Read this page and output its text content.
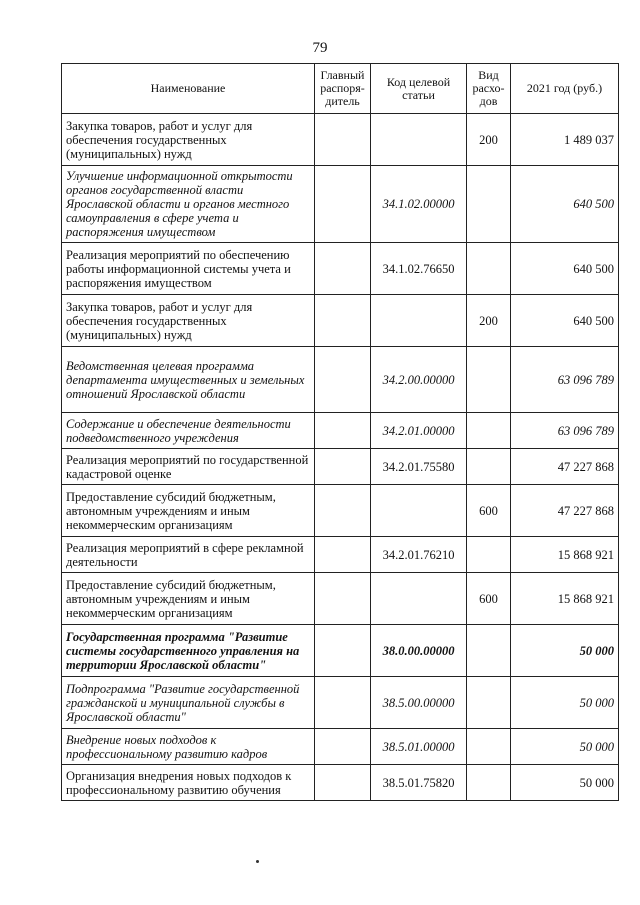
79
Наименование	Главный распоря-дитель	Код целевой статьи	Вид расхо-дов	2021 год (руб.)
Закупка товаров, работ и услуг для обеспечения государственных (муниципальных) нужд			200	1 489 037
Улучшение информационной открытости органов государственной власти Ярославской области и органов местного самоуправления в сфере учета и распоряжения имуществом		34.1.02.00000		640 500
Реализация мероприятий по обеспечению работы информационной системы учета и распоряжения имуществом		34.1.02.76650		640 500
Закупка товаров, работ и услуг для обеспечения государственных (муниципальных) нужд			200	640 500
Ведомственная целевая программа департамента имущественных и земельных отношений Ярославской области		34.2.00.00000		63 096 789
Содержание и обеспечение деятельности подведомственного учреждения		34.2.01.00000		63 096 789
Реализация мероприятий по государственной кадастровой оценке		34.2.01.75580		47 227 868
Предоставление субсидий бюджетным, автономным учреждениям и иным некоммерческим организациям			600	47 227 868
Реализация мероприятий в сфере рекламной деятельности		34.2.01.76210		15 868 921
Предоставление субсидий бюджетным, автономным учреждениям и иным некоммерческим организациям			600	15 868 921
Государственная программа "Развитие системы государственного управления на территории Ярославской области"		38.0.00.00000		50 000
Подпрограмма "Развитие государственной гражданской и муниципальной службы в Ярославской области"		38.5.00.00000		50 000
Внедрение новых подходов к профессиональному развитию кадров		38.5.01.00000		50 000
Организация внедрения новых подходов к профессиональному развитию обучения		38.5.01.75820		50 000
